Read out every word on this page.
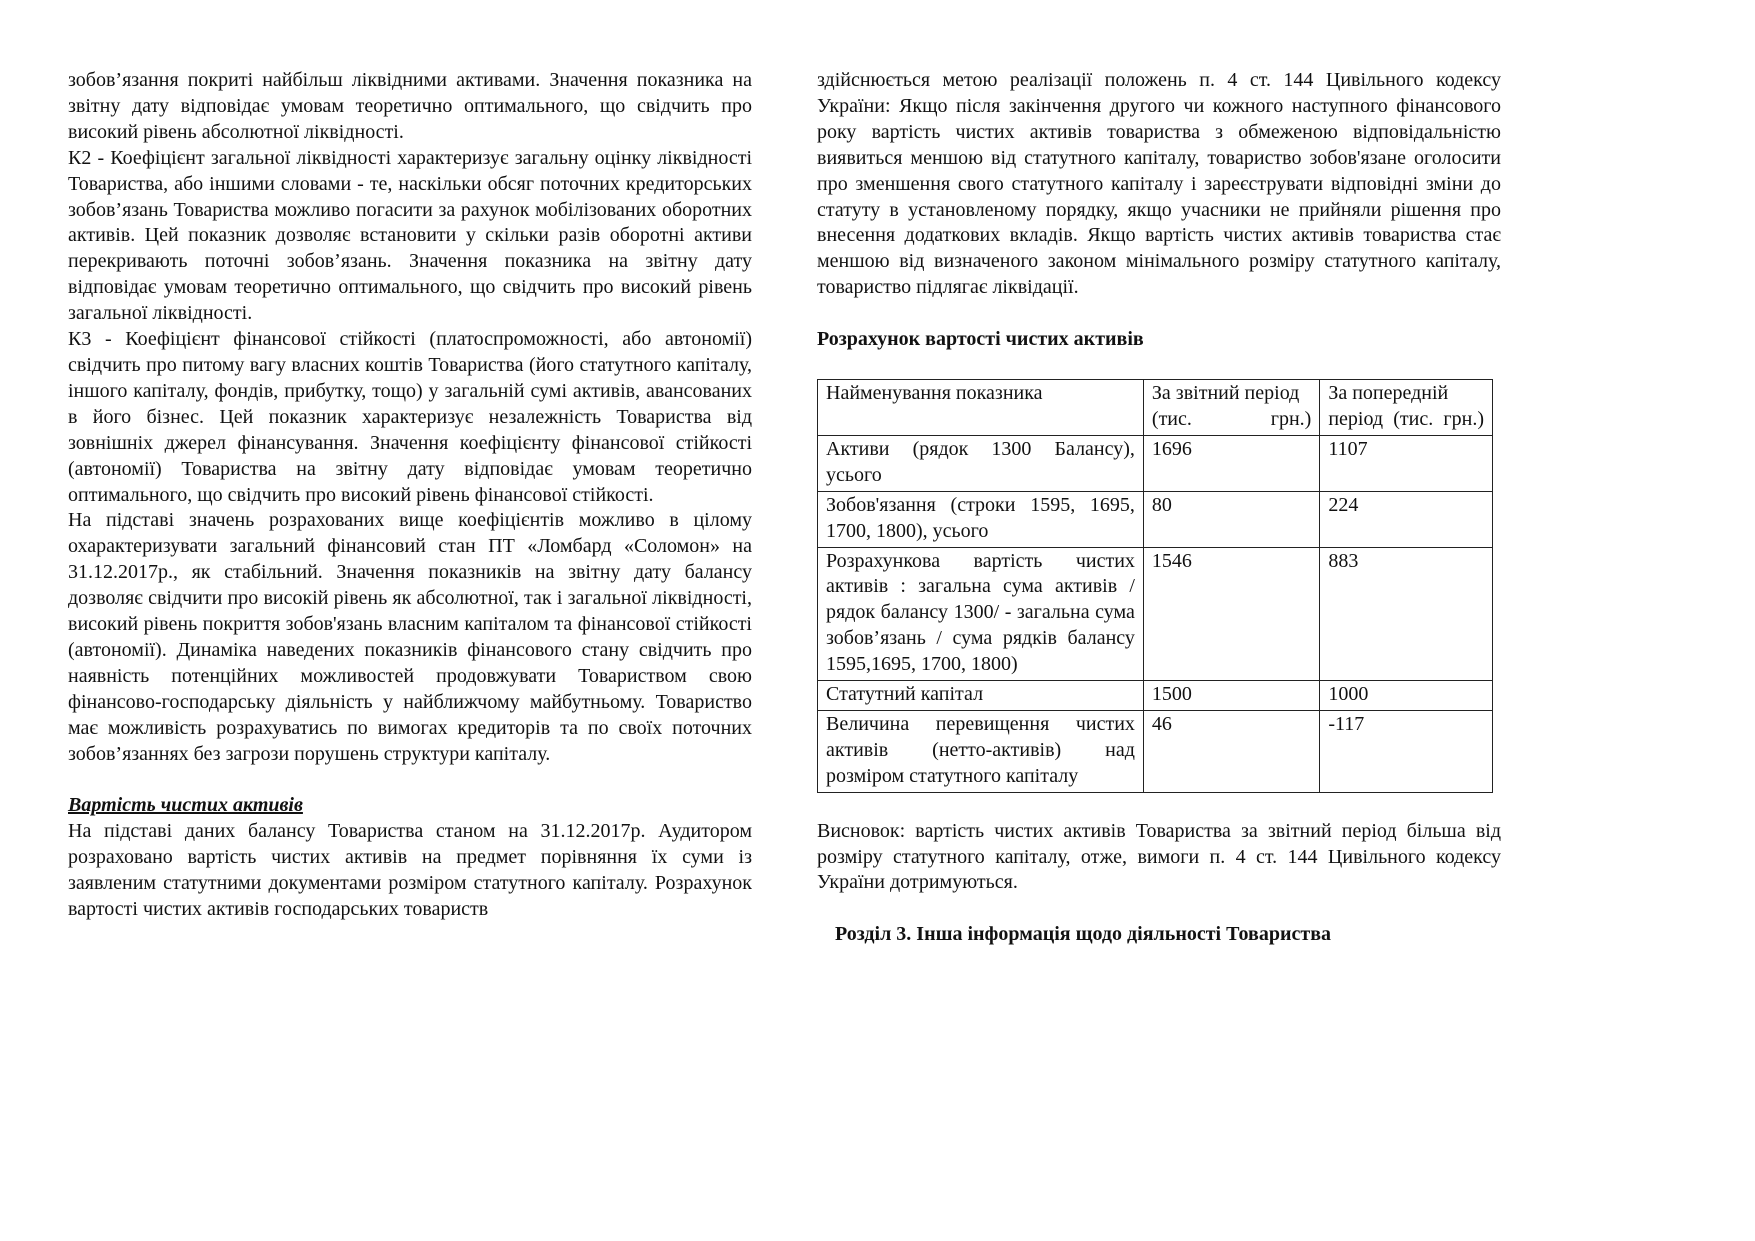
зобов’язання покриті найбільш ліквідними активами. Значення показника на звітну дату відповідає умовам теоретично оптимального, що свідчить про високий рівень абсолютної ліквідності.

К2 - Коефіцієнт загальної ліквідності характеризує загальну оцінку ліквідності Товариства, або іншими словами - те, наскільки обсяг поточних кредиторських зобов’язань Товариства можливо погасити за рахунок мобілізованих оборотних активів. Цей показник дозволяє встановити у скільки разів оборотні активи перекривають поточні зобов’язань. Значення показника на звітну дату відповідає умовам теоретично оптимального, що свідчить про високий рівень загальної ліквідності.

К3 - Коефіцієнт фінансової стійкості (платоспроможності, або автономії) свідчить про питому вагу власних коштів Товариства (його статутного капіталу, іншого капіталу, фондів, прибутку, тощо) у загальній сумі активів, авансованих в його бізнес. Цей показник характеризує незалежність Товариства від зовнішніх джерел фінансування. Значення коефіцієнту фінансової стійкості (автономії) Товариства на звітну дату відповідає умовам теоретично оптимального, що свідчить про високий рівень фінансової стійкості.

На підставі значень розрахованих вище коефіцієнтів можливо в цілому охарактеризувати загальний фінансовий стан ПТ «Ломбард «Соломон» на 31.12.2017р., як стабільний. Значення показників на звітну дату балансу дозволяє свідчити про високій рівень як абсолютної, так і загальної ліквідності, високий рівень покриття зобов'язань власним капіталом та фінансової стійкості (автономії). Динаміка наведених показників фінансового стану свідчить про наявність потенційних можливостей продовжувати Товариством свою фінансово-господарську діяльність у найближчому майбутньому. Товариство має можливість розрахуватись по вимогах кредиторів та по своїх поточних зобов’язаннях без загрози порушень структури капіталу.

Вартість чистих активів

На підставі даних балансу Товариства станом на 31.12.2017р. Аудитором розраховано вартість чистих активів на предмет порівняння їх суми із заявленим статутними документами розміром статутного капіталу. Розрахунок вартості чистих активів господарських товариств

здійснюється метою реалізації положень п. 4 ст. 144 Цивільного кодексу України: Якщо після закінчення другого чи кожного наступного фінансового року вартість чистих активів товариства з обмеженою відповідальністю виявиться меншою від статутного капіталу, товариство зобов'язане оголосити про зменшення свого статутного капіталу і зареєструвати відповідні зміни до статуту в установленому порядку, якщо учасники не прийняли рішення про внесення додаткових вкладів. Якщо вартість чистих активів товариства стає меншою від визначеного законом мінімального розміру статутного капіталу, товариство підлягає ліквідації.

Розрахунок вартості чистих активів

Найменування показника	За звітний період (тис. грн.)	За попередній період (тис. грн.)
Активи (рядок 1300 Балансу), усього	1696	1107
Зобов'язання (строки 1595, 1695, 1700, 1800), усього	80	224
Розрахункова вартість чистих активів : загальна сума активів / рядок балансу 1300/ - загальна сума зобов’язань / сума рядків балансу 1595,1695, 1700, 1800)	1546	883
Статутний капітал	1500	1000
Величина перевищення чистих активів (нетто-активів) над розміром статутного капіталу	46	-117

Висновок: вартість чистих активів Товариства за звітний період більша від розміру статутного капіталу, отже, вимоги п. 4 ст. 144 Цивільного кодексу України дотримуються.

Розділ 3. Інша інформація щодо діяльності Товариства
